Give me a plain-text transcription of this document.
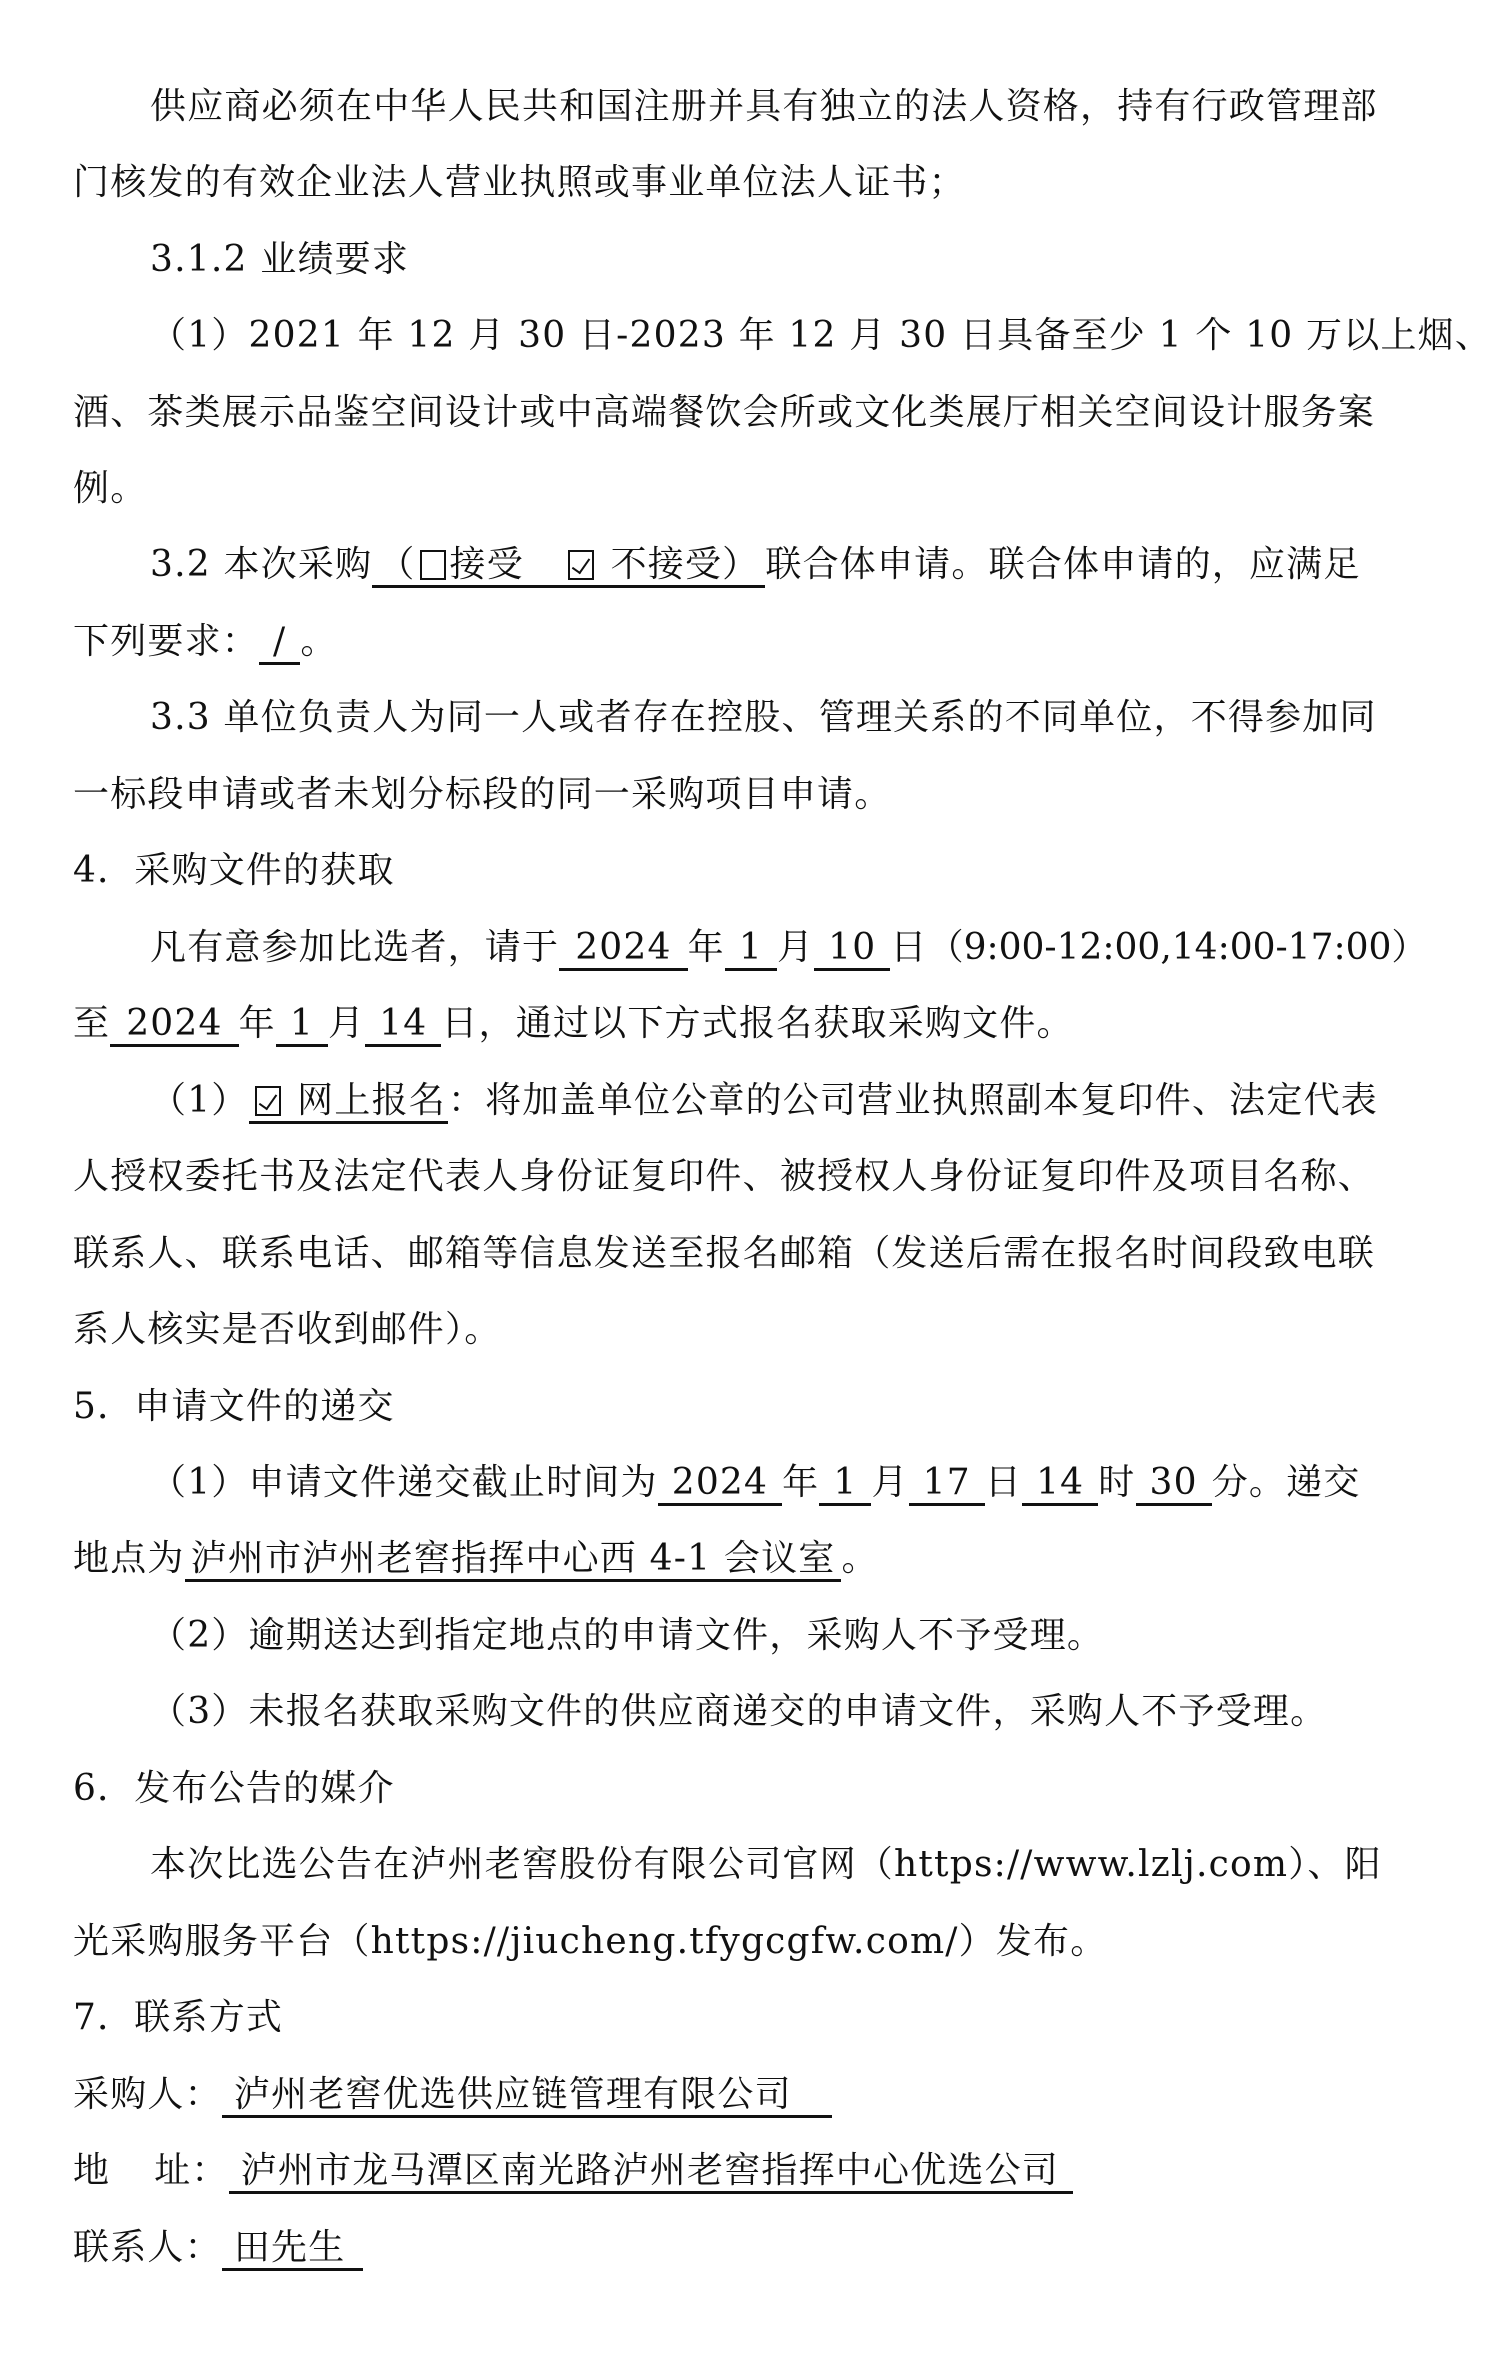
供应商必须在中华人民共和国注册并具有独立的法人资格，持有行政管理部
门核发的有效企业法人营业执照或事业单位法人证书；
3.1.2 业绩要求
（1）2021 年 12 月 30 日-2023 年 12 月 30 日具备至少 1 个 10 万以上烟、
酒、茶类展示品鉴空间设计或中高端餐饮会所或文化类展厅相关空间设计服务案
例。
3.2 本次采购 （ 接受 不接受） 联合体申请。联合体申请的，应满足
下列要求： / 。
3.3 单位负责人为同一人或者存在控股、管理关系的不同单位，不得参加同
一标段申请或者未划分标段的同一采购项目申请。
4．采购文件的获取
凡有意参加比选者，请于 2024 年 1 月 10 日（9:00-12:00,14:00-17:00）
至 2024 年 1 月 14 日，通过以下方式报名获取采购文件。
（1） 网上报名：将加盖单位公章的公司营业执照副本复印件、法定代表
人授权委托书及法定代表人身份证复印件、被授权人身份证复印件及项目名称、
联系人、联系电话、邮箱等信息发送至报名邮箱（发送后需在报名时间段致电联
系人核实是否收到邮件）。
5．申请文件的递交
（1）申请文件递交截止时间为 2024 年 1 月 17 日 14 时 30 分。递交
地点为 泸州市泸州老窖指挥中心西 4-1 会议室 。
（2）逾期送达到指定地点的申请文件，采购人不予受理。
（3）未报名获取采购文件的供应商递交的申请文件，采购人不予受理。
6．发布公告的媒介
本次比选公告在泸州老窖股份有限公司官网（https://www.lzlj.com）、阳
光采购服务平台（https://jiucheng.tfygcgfw.com/）发布。
7．联系方式
采购人： 泸州老窖优选供应链管理有限公司
地 址： 泸州市龙马潭区南光路泸州老窖指挥中心优选公司
联系人： 田先生
